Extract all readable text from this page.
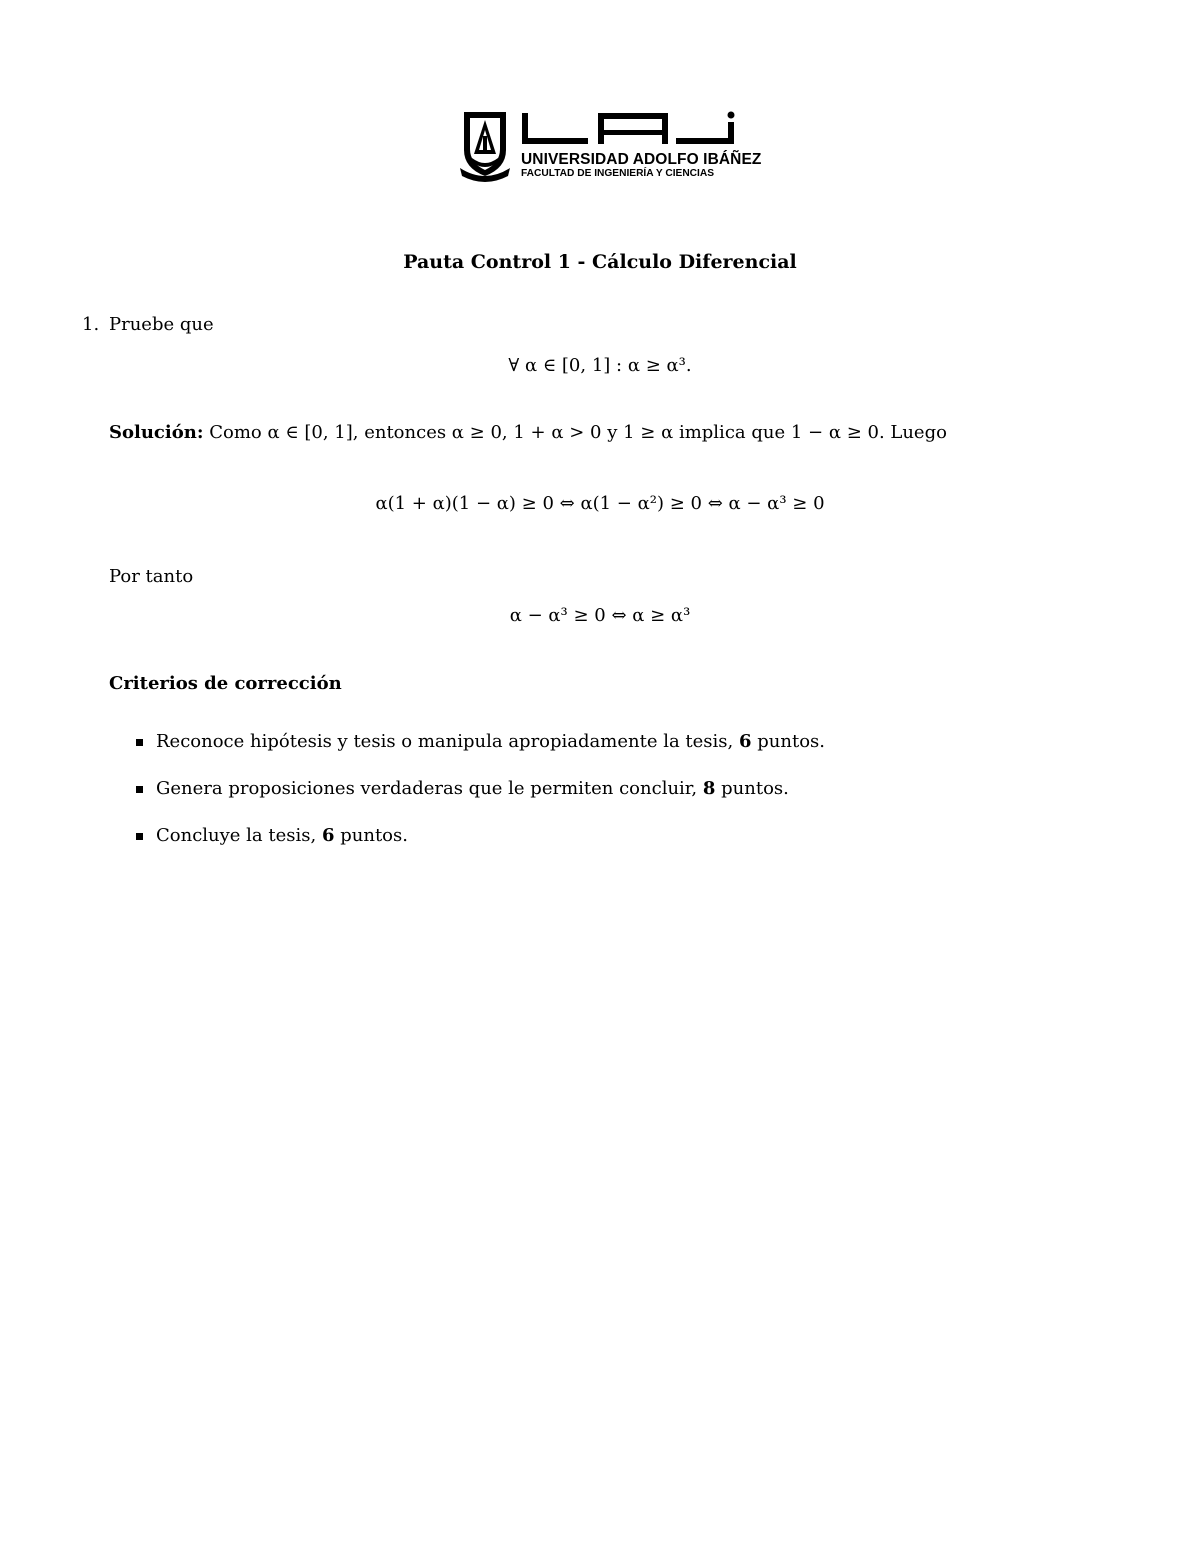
UNIVERSIDAD ADOLFO IBÁÑEZ
FACULTAD DE INGENIERÍA Y CIENCIAS
Pauta Control 1 - Cálculo Diferencial
1. Pruebe que
∀ α ∈ [0, 1] : α ≥ α³.
Solución: Como α ∈ [0, 1], entonces α ≥ 0, 1 + α > 0 y 1 ≥ α implica que 1 − α ≥ 0. Luego
α(1 + α)(1 − α) ≥ 0 ⇔ α(1 − α²) ≥ 0 ⇔ α − α³ ≥ 0
Por tanto
α − α³ ≥ 0 ⇔ α ≥ α³
Criterios de corrección
Reconoce hipótesis y tesis o manipula apropiadamente la tesis, 6 puntos.
Genera proposiciones verdaderas que le permiten concluir, 8 puntos.
Concluye la tesis, 6 puntos.
